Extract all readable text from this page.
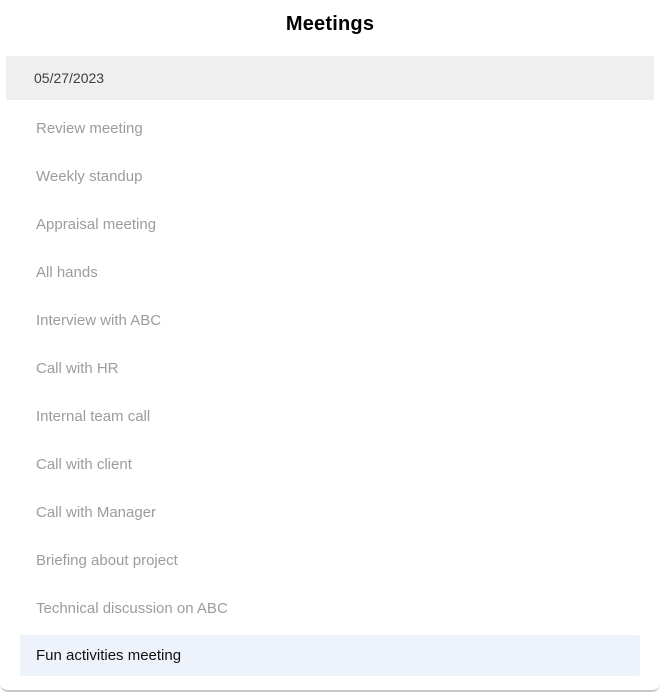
Meetings
05/27/2023
Review meeting
Weekly standup
Appraisal meeting
All hands
Interview with ABC
Call with HR
Internal team call
Call with client
Call with Manager
Briefing about project
Technical discussion on ABC
Fun activities meeting
